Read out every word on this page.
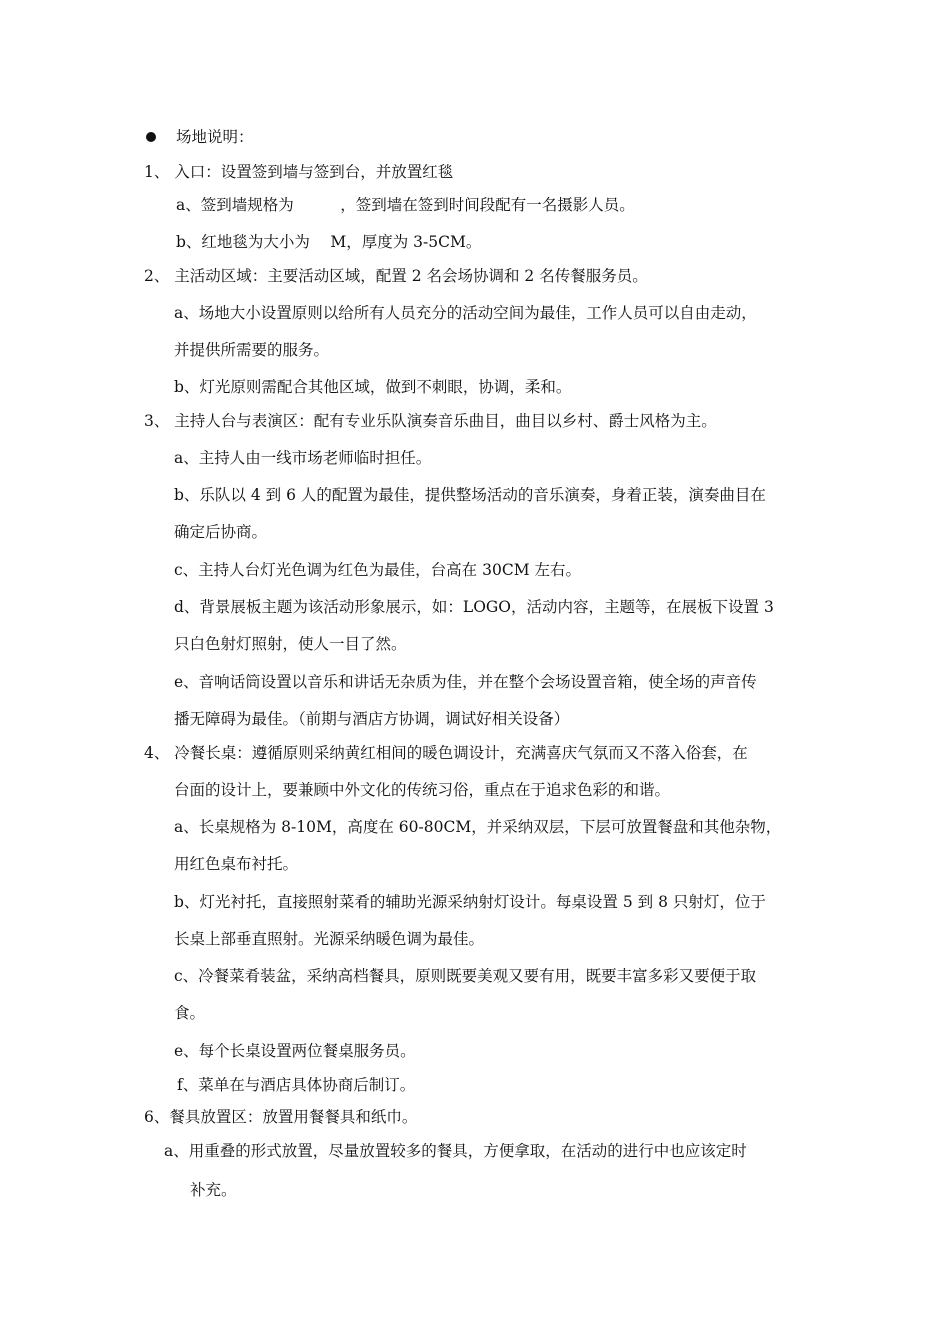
场地说明：
1、 入口：设置签到墙与签到台，并放置红毯
a、签到墙规格为　　　，签到墙在签到时间段配有一名摄影人员。
b、红地毯为大小为　 M，厚度为 3-5CM。
2、 主活动区域：主要活动区域，配置 2 名会场协调和 2 名传餐服务员。
a、场地大小设置原则以给所有人员充分的活动空间为最佳，工作人员可以自由走动，
并提供所需要的服务。
b、灯光原则需配合其他区域，做到不刺眼，协调，柔和。
3、 主持人台与表演区：配有专业乐队演奏音乐曲目，曲目以乡村、爵士风格为主。
a、主持人由一线市场老师临时担任。
b、乐队以 4 到 6 人的配置为最佳，提供整场活动的音乐演奏，身着正装，演奏曲目在
确定后协商。
c、主持人台灯光色调为红色为最佳，台高在 30CM 左右。
d、背景展板主题为该活动形象展示，如：LOGO，活动内容，主题等，在展板下设置 3
只白色射灯照射，使人一目了然。
e、音响话筒设置以音乐和讲话无杂质为佳，并在整个会场设置音箱，使全场的声音传
播无障碍为最佳。（前期与酒店方协调，调试好相关设备）
4、 冷餐长桌：遵循原则采纳黄红相间的暖色调设计，充满喜庆气氛而又不落入俗套，在
台面的设计上，要兼顾中外文化的传统习俗，重点在于追求色彩的和谐。
a、长桌规格为 8-10M，高度在 60-80CM，并采纳双层，下层可放置餐盘和其他杂物，
用红色桌布衬托。
b、灯光衬托，直接照射菜肴的辅助光源采纳射灯设计。每桌设置 5 到 8 只射灯，位于
长桌上部垂直照射。光源采纳暖色调为最佳。
c、冷餐菜肴装盆，采纳高档餐具，原则既要美观又要有用，既要丰富多彩又要便于取
食。
e、每个长桌设置两位餐桌服务员。
f、菜单在与酒店具体协商后制订。
6、餐具放置区：放置用餐餐具和纸巾。
a、用重叠的形式放置，尽量放置较多的餐具，方便拿取，在活动的进行中也应该定时
补充。
